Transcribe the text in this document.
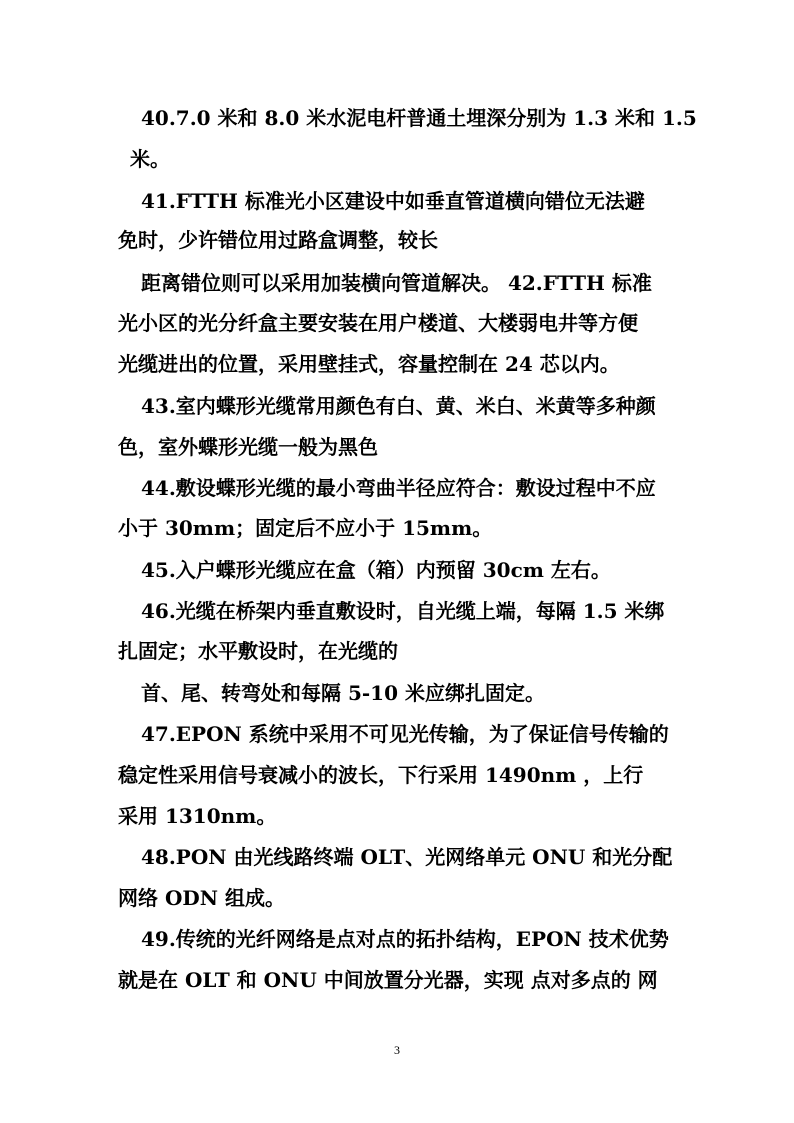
40.7.0 米和 8.0 米水泥电杆普通土埋深分别为 1.3 米和 1.5
米。
41.FTTH 标准光小区建设中如垂直管道横向错位无法避
免时，少许错位用过路盒调整，较长
距离错位则可以采用加装横向管道解决。 42.FTTH 标准
光小区的光分纤盒主要安装在用户楼道、大楼弱电井等方便
光缆进出的位置，采用壁挂式，容量控制在 24 芯以内。
43.室内蝶形光缆常用颜色有白、黄、米白、米黄等多种颜
色，室外蝶形光缆一般为黑色
44.敷设蝶形光缆的最小弯曲半径应符合：敷设过程中不应
小于 30mm；固定后不应小于 15mm。
45.入户蝶形光缆应在盒（箱）内预留 30cm 左右。
46.光缆在桥架内垂直敷设时，自光缆上端，每隔 1.5 米绑
扎固定；水平敷设时，在光缆的
首、尾、转弯处和每隔 5-10 米应绑扎固定。
47.EPON 系统中采用不可见光传输，为了保证信号传输的
稳定性采用信号衰减小的波长，下行采用 1490nm ，上行
采用 1310nm。
48.PON 由光线路终端 OLT、光网络单元 ONU 和光分配
网络 ODN 组成。
49.传统的光纤网络是点对点的拓扑结构，EPON 技术优势
就是在 OLT 和 ONU 中间放置分光器，实现 点对多点的 网
3
